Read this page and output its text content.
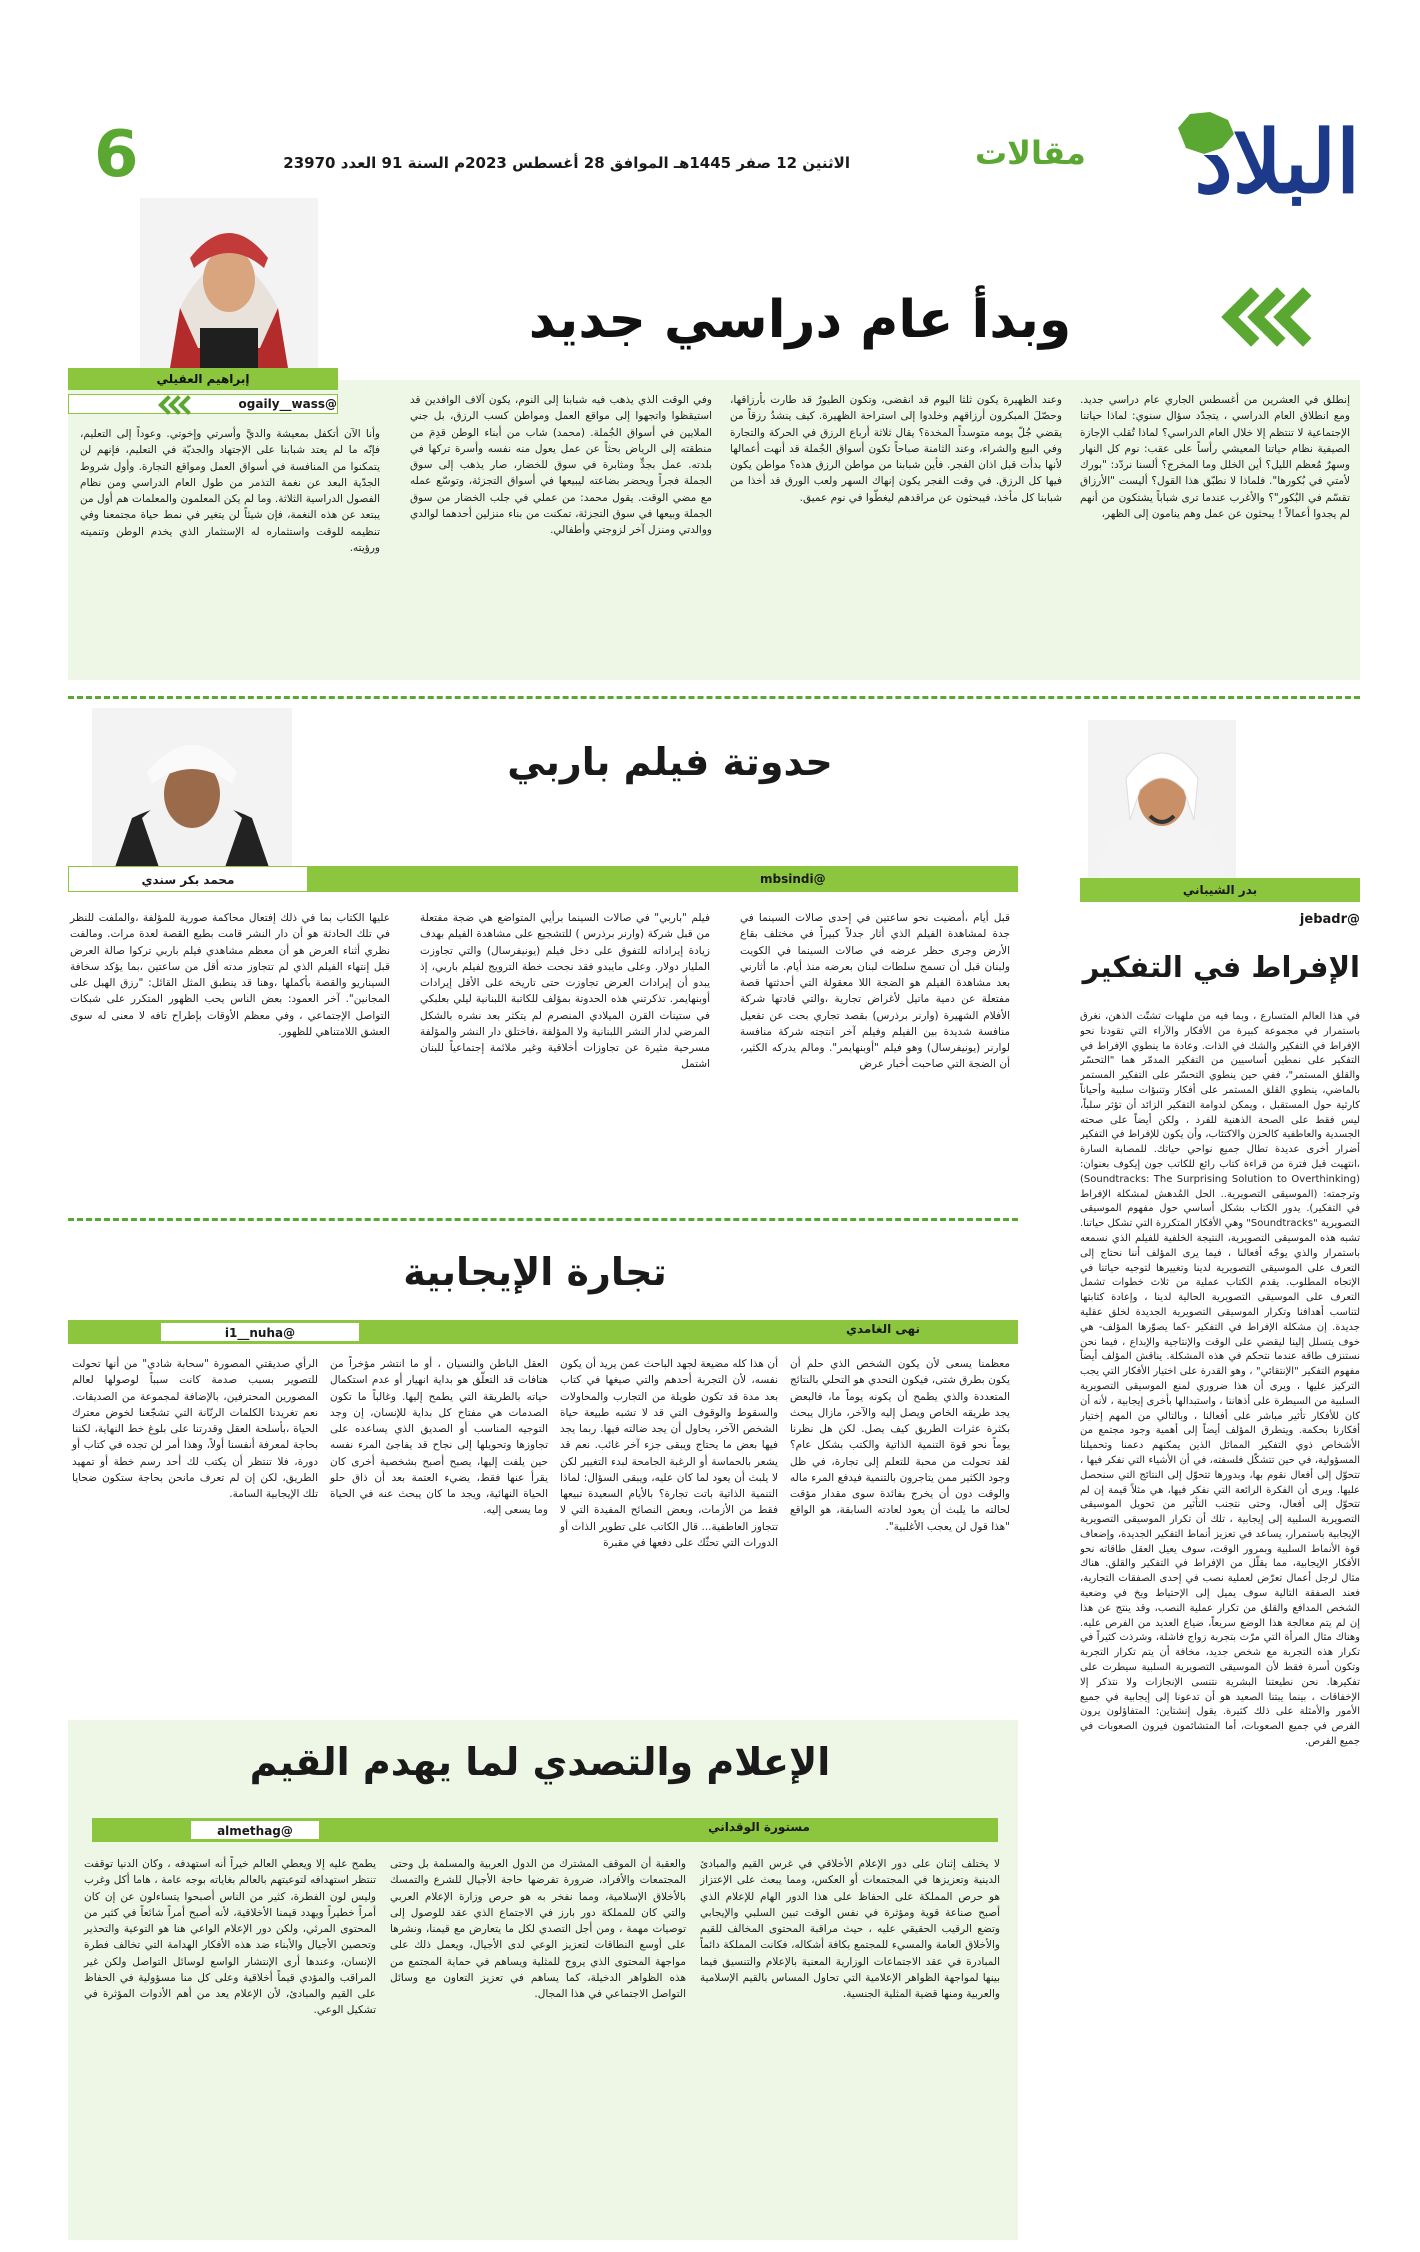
البلاد
مقالات
الاثنين 12 صفر 1445هـ الموافق 28 أغسطس 2023م السنة 91 العدد 23970
6
وبدأ عام دراسي جديد
إبراهيم العقيلي
@ogaily__wass	إنطلق في العشرين من أغسطس الجاري عام دراسي جديد. ومع انطلاق العام الدراسي ، يتجدّد سؤال سنوي: لماذا حياتنا الإجتماعية لا تنتظم إلا خلال العام الدراسي؟ لماذا تُقلب الإجازة الصيفية نظام حياتنا المعيشي رأساً على عقب: نوم كل النهار وسهرٌ مُعظم الليل؟ أين الخلل وما المخرج؟ ألسنا نردّد: "بورك لأمتي في بُكورها". فلماذا لا نطبّق هذا القول؟ أليست "الأرزاق تقسّم في البُكور"؟ والأغرب عندما ترى شباباً يشتكون من أنهم لم يجدوا أعمالاً ! يبحثون عن عمل وهم ينامون إلى الظهر،
وعند الظهيرة يكون ثلثا اليوم قد انقضى، وتكون الطيورُ قد طارت بأرزاقها، وحصّلَ المبكرون أرزاقهم وخلدوا إلى استراحة الظهيرة. كيف ينشدُ رزقاً من يقضي جُلّ يومه متوسداً المخدة؟ يقال ثلاثة أرباع الرزق في الحركة والتجارة وفي البيع والشراء، وعند الثامنة صباحاً تكون أسواق الجُملة قد أنهت أعمالها لأنها بدأت قبل اذان الفجر. فأين شبابنا من مواطن الرزق هذه؟ مواطن يكون فيها كل الرزق. في وقت الفجر يكون إنهاك السهر ولعب الورق قد أخذا من شبابنا كل مأخذ، فيبحثون عن مراقدهم ليغطّوا في نوم عميق.
وفي الوقت الذي يذهب فيه شبابنا إلى النوم، يكون آلاف الوافدين قد استيقظوا واتجهوا إلى مواقع العمل ومواطن كسب الرزق، بل جني الملايين في أسواق الجُملة. (محمد) شاب من أبناء الوطن قدِمَ من منطقته إلى الرياض بحثاً عن عمل يعول منه نفسه وأسرة تركها في بلدته. عمل بجدٍّ ومثابرة في سوق للخضار، صار يذهب إلى سوق الجملة فجراً ويحضر بضاعته ليبيعها في أسواق التجزئة، وتوسّع عمله مع مضي الوقت. يقول محمد: من عملي في جلب الخضار من سوق الجملة وبيعها في سوق التجزئة، تمكنت من بناء منزلين أحدهما لوالدي ووالدتي ومنزل آخر لزوجتي وأطفالي.
وأنا الآن أتكفل بمعيشة والديَّ وأسرتي وإخوتي. وعوداً إلى التعليم، فإنّه ما لم يعتد شبابنا على الإجتهاد والجديّة في التعليم، فإنهم لن يتمكنوا من المنافسة في أسواق العمل ومواقع التجارة. وأول شروط الجدّية البعد عن نغمة التذمر من طول العام الدراسي ومن نظام الفصول الدراسية الثلاثة. وما لم يكن المعلمون والمعلمات هم أول من يبتعد عن هذه النغمة، فإن شيئاً لن يتغير في نمط حياة مجتمعنا وفي تنظيمه للوقت واستثماره له الإستثمار الذي يخدم الوطن وتنميته ورؤيته.
حدوتة فيلم باربي
محمد بكر سندي	@mbsindi
قبل أيام ،أمضيت نحو ساعتين في إحدى صالات السينما في جدة لمشاهدة الفيلم الذي أثار جدلاً كبيراً في مختلف بقاع الأرض وجرى حظر عرضه في صالات السينما في الكويت ولبنان قبل أن تسمح سلطات لبنان بعرضه منذ أيام. ما أثارني بعد مشاهدة الفيلم هو الضجة اللا معقولة التي أحدثتها قصة مفتعلة عن دمية ماتيل لأغراض تجارية ،والتي قادتها شركة الأفلام الشهيرة (وارنر برذرس) بقصد تجاري بحت عن تفعيل منافسة شديدة بين الفيلم وفيلم آخر انتجته شركة منافسة لوارنر (يونيفرسال) وهو فيلم "أوبنهايمر". ومالم يدركه الكثير، أن الضجة التي صاحبت أخبار عرض
فيلم "باربي" في صالات السينما برأيي المتواضع هي ضجة مفتعلة من قبل شركة (وارنر برذرس ) للتشجيع على مشاهدة الفيلم بهدف زيادة إيراداته للتفوق على دخل فيلم (يونيفرسال) والتي تجاوزت المليار دولار. وعلى مايبدو فقد نجحت خطة الترويج لفيلم باربي، إذ يبدو أن إيرادات العرض تجاوزت حتى تاريخه على الأقل إيرادات أوبنهايمر. تذكرتني هذه الحدوتة بمؤلف للكاتبة اللبنانية ليلي بعلبكي في ستينات القرن الميلادي المنصرم لم يتكثر بعد نشره بالشكل المرضي لدار النشر اللبنانية ولا المؤلفة ،فاختلق دار النشر والمؤلفة مسرحية مثيرة عن تجاوزات أخلاقية وغير ملائمة إجتماعياً للبنان اشتمل
عليها الكتاب بما في ذلك إفتعال محاكمة صورية للمؤلفة ،والملفت للنظر في تلك الحادثة هو أن دار النشر قامت بطبع القصة لعدة مرات. ومالفت نظري أثناء العرض هو أن معظم مشاهدي فيلم باربي تركوا صالة العرض قبل إنتهاء الفيلم الذي لم تتجاوز مدته أقل من ساعتين ،بما يؤكد سخافة السيناريو والقصة بأكملها ،وهنا قد ينطبق المثل القائل: "رزق الهبل على المجانين". آخر العمود: بعض الناس يحب الظهور المتكرر على شبكات التواصل الإجتماعي ، وفي معظم الأوقات بإطراح تافه لا معنى له سوى العشق اللامتناهي للظهور.
بدر الشيباني
@jebadr
الإفراط في التفكير
في هذا العالم المتسارع ، وبما فيه من ملهيات تشتّت الذهن، نغرق باستمرار في مجموعة كبيرة من الأفكار والآراء التي تقودنا نحو الإفراط في التفكير والشك في الذات. وعادة ما ينطوي الإفراط في التفكير على نمطين أساسيين من التفكير المدمّر هما "التحسّر والقلق المستمر"، ففي حين ينطوي التحسّر على التفكير المستمر بالماضي، ينطوي القلق المستمر على أفكار وتنبؤات سلبية وأحياناً كارثية حول المستقبل ، ويمكن لدوامة التفكير الزائد أن تؤثر سلباً، ليس فقط على الصحة الذهنية للفرد ، ولكن أيضاً على صحته الجسدية والعاطفية كالحزن والاكتئاب، وأن يكون للإفراط في التفكير أضرار أخرى عديدة تطال جميع نواحي حياتك. للمصابة السارة ،انتهيت قبل فترة من قراءة كتاب رائع للكاتب جون إيكوف بعنوان: (Soundtracks: The Surprising Solution to Overthinking) وترجمته: (الموسيقى التصويرية.. الحل المُدهش لمشكلة الإفراط في التفكير). يدور الكتاب بشكل أساسي حول مفهوم الموسيقى التصويرية "Soundtracks" وهي الأفكار المتكررة التي تشكل حياتنا. تشبه هذه الموسيقى التصويرية، النتيجة الخلفية للفيلم الذي نسمعه باستمرار والذي يوجّه أفعالنا ، فيما يرى المؤلف أننا نحتاج إلى التعرف على الموسيقى التصويرية لدينا وتغييرها لتوجيه حياتنا في الإتجاه المطلوب. يقدم الكتاب عملية من ثلاث خطوات تشمل التعرف على الموسيقى التصويرية الحالية لدينا ، وإعادة كتابتها لتناسب أهدافنا وتكرار الموسيقى التصويرية الجديدة لخلق عقلية جديدة. إن مشكلة الإفراط في التفكير -كما يصوّرها المؤلف- هي خوف يتسلل إلينا ليقضي على الوقت والإنتاجية والإبداع ، فيما نحن نستنزف طاقة عندما نتحكم في هذه المشكلة. يناقش المؤلف أيضاً مفهوم التفكير "الإنتقائي" ، وهو القدرة على اختيار الأفكار التي يجب التركيز عليها ، ويرى أن هذا ضروري لمنع الموسيقى التصويرية السلبية من السيطرة على أذهاننا ، واستبدالها بأخرى إيجابية ، لأنه أن كان للأفكار تأثير مباشر على أفعالنا ، وبالتالي من المهم إختيار أفكارنا بحكمة. ويتطرق المؤلف أيضاً إلى أهمية وجود مجتمع من الأشخاص ذوي التفكير المماثل الذين يمكنهم دعمنا وتحميلنا المسؤولية، في حين تتشكّل فلسفته، في أن الأشياء التي نفكر فيها ، تتحوّل إلى أفعال نقوم بها، وبدورها تتحوّل إلى النتائج التي سنحصل عليها. ويرى أن الفكرة الرائعة التي نفكر فيها، هي مثلاً قيمة إن لم تتحوّل إلى أفعال، وحتى نتجنب التأثير من تحويل الموسيقى التصويرية السلبية إلى إيجابية ، تلك أن تكرار الموسيقى التصويرية الإيجابية باستمرار، يساعد في تعزيز أنماط التفكير الجديدة، وإضعاف قوة الأنماط السلبية وبمرور الوقت، سوف يعيل العقل طاقاته نحو الأفكار الإيجابية، مما يقلّل من الإفراط في التفكير والقلق. هناك مثال لرجل أعمال تعرّض لعملية نصب في إحدى الصفقات التجارية، فعند الصفقة التالية سوف يميل إلى الإحتياط ويخ في وضعية الشخص المدافع والقلق من تكرار عملية النصب، وقد ينتج عن هذا إن لم يتم معالجة هذا الوضع سريعاً، ضياع العديد من الفرص عليه. وهناك مثال المرأة التي مرّت بتجربة زواج فاشلة، وشرذت كثيراً في تكرار هذه التجربة مع شخص جديد، مخافة أن يتم تكرار التجربة وتكون أسرة فقط لأن الموسيقى التصويرية السلبية سيطرت على تفكيرها. نحن نطيعتنا البشرية نتنسى الإنجازات ولا نتذكر إلا الإخفاقات ، بينما يبتنا الصعيد هو أن تدعونا إلى إيجابية في جميع الأمور والأمثلة على ذلك كثيرة. يقول إنشتاين: المتفاؤلون يرون الفرص في جميع الصعوبات، أما المتشائمون فيرون الصعوبات في جميع الفرص.
تجارة الإيجابية
نهى الغامدي
@i1__nuha
معظمنا يسعى لأن يكون الشخص الذي حلم أن يكون بطرق شتى، فيكون التحدي هو التحلي بالنتائج المتعددة والذي يطمح أن يكونه يوماً ما، فالبعض يجد طريقه الخاص ويصل إليه والآخر، مازال يبحث بكثرة عثرات الطريق كيف يصل. لكن هل نظرنا يوماً نحو قوة التنمية الذاتية والكتب بشكل عام؟ لقد تحولت من محبة للتعلم إلى تجارة، في ظل وجود الكثير ممن يتاجرون بالتنمية فيدفع المرء ماله والوقت دون أن يخرج بفائدة سوى مقدار مؤقت لحالته ما يلبث أن يعود لعادته السابقة، هو الواقع "هذا قول لن يعجب الأغلبية".
أن هذا كله مضيعة لجهد الباحث عمن يريد أن يكون نفسه، لأن التجربة أحدهم والتي صيغها في كتاب بعد مدة قد تكون طويلة من التجارب والمحاولات والسقوط والوقوف التي قد لا تشبه طبيعة حياة الشخص الآخر، يحاول أن يجد ضالته فيها. ربما يجد فيها بعض ما يحتاج ويبقى جزء آخر غائب. نعم قد يشعر بالحماسة أو الرغبة الجامحة لبدء التغيير لكن لا يلبث أن يعود لما كان عليه، ويبقى السؤال: لماذا التنمية الذاتية باتت تجارة؟ بالأيام السعيدة تبيعها فقط من الأزمات، وبعض النصائح المفيدة التي لا تتجاوز العاطفية... قال الكاتب على تطوير الذات أو الدورات التي تحثّك على دفعها في مقبرة
العقل الباطن والنسيان ، أو ما انتشر مؤخراً من هتافات قد التعلّق هو بداية انهيار أو عدم استكمال حياته بالطريقة التي يطمح إليها. وغالباً ما تكون الصدمات هي مفتاح كل بداية للإنسان، إن وجد التوجيه المناسب أو الصديق الذي يساعده على تجاوزها وتحويلها إلى نجاح قد يفاجئ المرء نفسه حين يلفت إليها، يصبح أصبح بشخصية أخرى كان يقرأ عنها فقط، يضيء العتمة بعد أن ذاق حلو الحياة النهائية، ويجد ما كان يبحث عنه في الحياة وما يسعى إليه.
الرأي صديقتي المصورة "سحابة شادي" من أنها تحولت للتصوير بسبب صدمة كانت سبباً لوصولها لعالم المصورين المحترفين، بالإضافة لمجموعة من الصديقات. نعم تغريدنا الكلمات الرنّانة التي تشجّعنا لخوض معترك الحياة ،بأسلحة العقل وقدرتنا على بلوغ خط النهاية، لكننا بحاجة لمعرفة أنفسنا أولاً، وهذا أمر لن تجده في كتاب أو دورة، فلا تنتظر أن يكتب لك أحد رسم خطة أو تمهيد الطريق، لكن إن لم تعرف مانحن بحاجة ستكون ضحايا تلك الإيجابية السامة.
الإعلام والتصدي لما يهدم القيم
مستورة الوقداني
@almethag
لا يختلف إثنان على دور الإعلام الأخلاقي في غرس القيم والمبادئ الدينية وتعزيزها في المجتمعات أو العكس، ومما يبعث على الإعتزاز هو حرص المملكة على الحفاظ على هذا الدور الهام للإعلام الذي أصبح صناعة قوية ومؤثرة في نفس الوقت تبين السلبي والإيجابي وتضع الرقيب الحقيقي عليه ، حيث مراقبة المحتوى المخالف للقيم والأخلاق العامة والمسيء للمجتمع بكافة أشكاله، فكانت المملكة دائماً المبادرة في عقد الاجتماعات الوزارية المعنية بالإعلام والتنسيق فيما بينها لمواجهة الظواهر الإعلامية التي تحاول المساس بالقيم الإسلامية والعربية ومنها قضية المثلية الجنسية.
والعقبة أن الموقف المشترك من الدول العربية والمسلمة بل وحتى المجتمعات والأفراد، ضرورة تفرضها حاجة الأجيال للشرع والتمسك بالأخلاق الإسلامية، ومما نفخر به هو حرص وزارة الإعلام العربي والتي كان للمملكة دور بارز في الاجتماع الذي عقد للوصول إلى توصيات مهمة ، ومن أجل التصدي لكل ما يتعارض مع قيمنا، ونشرها على أوسع النطاقات لتعزيز الوعي لدى الأجيال، ويعمل ذلك على مواجهة المحتوى الذي يروج للمثلية ويساهم في حماية المجتمع من هذه الظواهر الدخيلة، كما يساهم في تعزيز التعاون مع وسائل التواصل الاجتماعي في هذا المجال.
يطمح عليه إلا ويعطي العالم خيراً أنه استهدفه ، وكان الدنيا توقفت تنتظر استهدافه لتوعيتهم بالعالم بغاياته بوجه عامة ، هاما أكل وغرب وليس لون الفطرة، كثير من الناس أصبحوا يتساءلون عن إن كان أمراً خطيراً ويهدد قيمنا الأخلاقية، لأنه أصبح أمراً شائعاً في كثير من المحتوى المرئي، ولكن دور الإعلام الواعي هنا هو التوعية والتحذير وتحصين الأجيال والأبناء ضد هذه الأفكار الهدامة التي تخالف فطرة الإنسان، وعندها أرى الإنتشار الواسع لوسائل التواصل ولكن غير المراقب والمؤدي قيماً أخلاقية وعلى كل منا مسؤولية في الحفاظ على القيم والمبادئ، لأن الإعلام يعد من أهم الأدوات المؤثرة في تشكيل الوعي.
